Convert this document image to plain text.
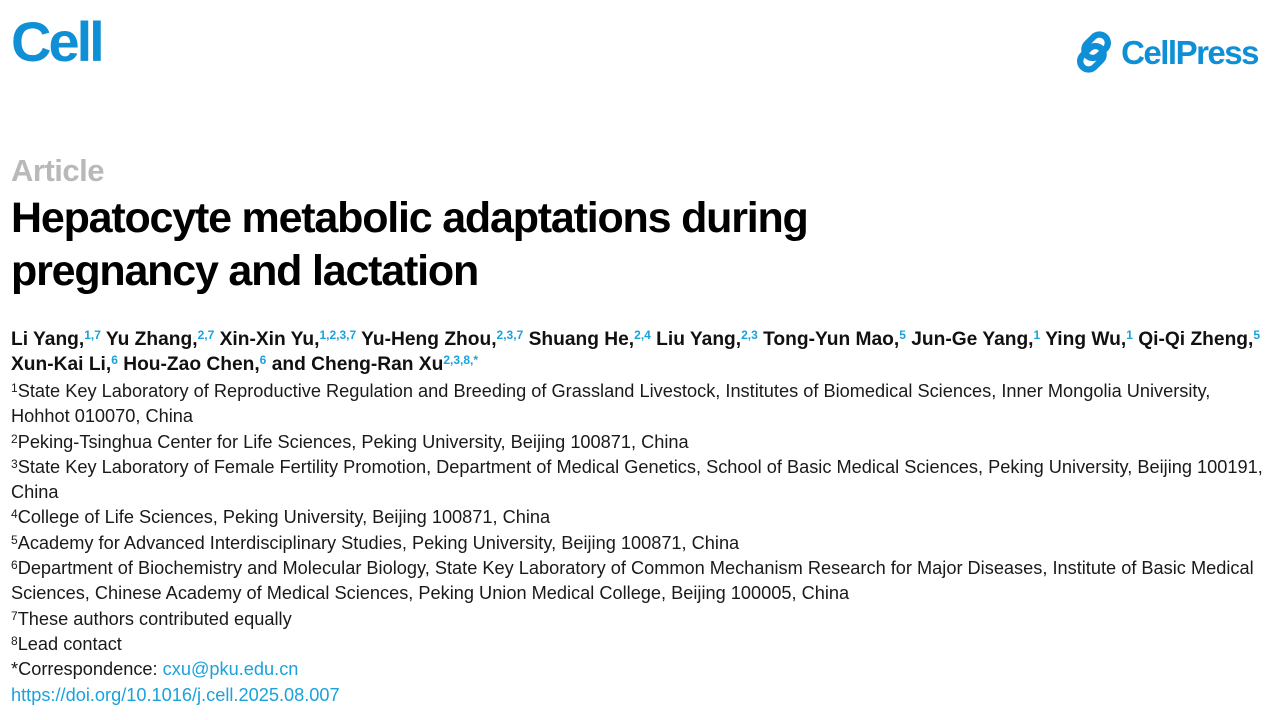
Cell	CellPress
Article
Hepatocyte metabolic adaptations during pregnancy and lactation

Li Yang,$^{1,7}$ Yu Zhang,$^{2,7}$ Xin-Xin Yu,$^{1,2,3,7}$ Yu-Heng Zhou,$^{2,3,7}$ Shuang He,$^{2,4}$ Liu Yang,$^{2,3}$ Tong-Yun Mao,$^5$ Jun-Ge Yang,$^1$ Ying Wu,$^1$ Qi-Qi Zheng,$^5$ Xun-Kai Li,$^6$ Hou-Zao Chen,$^6$ and Cheng-Ran $Xu^{2,3,8,*}$

$^1$State Key Laboratory of Reproductive Regulation and Breeding of Grassland Livestock, Institutes of Biomedical Sciences, Inner Mongolia University, Hohhot 010070, China

$^2$Peking-Tsinghua Center for Life Sciences, Peking University, Beijing 100871, China

$^3$State Key Laboratory of Female Fertility Promotion, Department of Medical Genetics, School of Basic Medical Sciences, Peking University, Beijing 100191, China

$^4$College of Life Sciences, Peking University, Beijing 100871, China

$^5$Academy for Advanced Interdisciplinary Studies, Peking University, Beijing 100871, China

$^6$Department of Biochemistry and Molecular Biology, State Key Laboratory of Common Mechanism Research for Major Diseases, Institute of Basic Medical Sciences, Chinese Academy of Medical Sciences, Peking Union Medical College, Beijing 100005, China

$^7$These authors contributed equally

$^8$Lead contact

*Correspondence: cxu@pku.edu.cn

https://doi.org/10.1016/j.cell.2025.08.007
